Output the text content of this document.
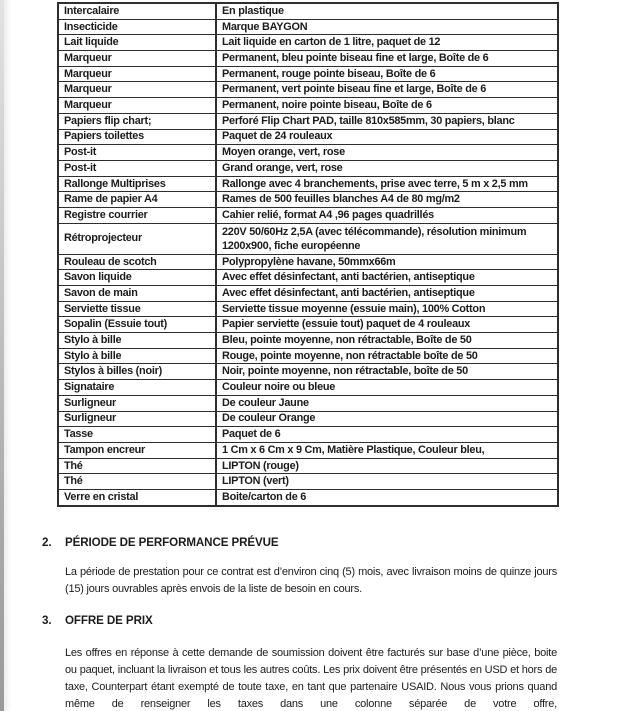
Intercalaire	En plastique
Insecticide	Marque BAYGON
Lait liquide	Lait liquide en carton de 1 litre, paquet de 12
Marqueur	Permanent, bleu pointe biseau fine et large, Boîte de 6
Marqueur	Permanent, rouge pointe biseau, Boîte de 6
Marqueur	Permanent, vert pointe biseau fine et large, Boîte de 6
Marqueur	Permanent, noire pointe biseau, Boîte de 6
Papiers flip chart;	Perforé Flip Chart PAD, taille 810x585mm, 30 papiers, blanc
Papiers toilettes	Paquet de 24 rouleaux
Post-it	Moyen orange, vert, rose
Post-it	Grand orange, vert, rose
Rallonge Multiprises	Rallonge avec 4 branchements, prise avec terre, 5 m x 2,5 mm
Rame de papier A4	Rames de 500 feuilles blanches A4 de 80 mg/m2
Registre courrier	Cahier relié, format A4 ,96 pages quadrillés
Rétroprojecteur	220V 50/60Hz 2,5A (avec télécommande), résolution minimum 1200x900, fiche européenne
Rouleau de scotch	Polypropylène havane, 50mmx66m
Savon liquide	Avec effet désinfectant, anti bactérien, antiseptique
Savon de main	Avec effet désinfectant, anti bactérien, antiseptique
Serviette tissue	Serviette tissue moyenne (essuie main), 100% Cotton
Sopalin (Essuie tout)	Papier serviette (essuie tout) paquet de 4 rouleaux
Stylo à bille	Bleu, pointe moyenne, non rétractable, Boîte de 50
Stylo à bille	Rouge, pointe moyenne, non rétractable boîte de 50
Stylos à billes (noir)	Noir, pointe moyenne, non rétractable, boîte de 50
Signataire	Couleur noire ou bleue
Surligneur	De couleur Jaune
Surligneur	De couleur Orange
Tasse	Paquet de 6
Tampon encreur	1 Cm x 6 Cm x 9 Cm, Matière Plastique, Couleur bleu,
Thé	LIPTON (rouge)
Thé	LIPTON (vert)
Verre en cristal	Boite/carton de 6
2. PÉRIODE DE PERFORMANCE PRÉVUE

La période de prestation pour ce contrat est d’environ cinq (5) mois, avec livraison moins de quinze jours (15) jours ouvrables après envois de la liste de besoin en cours.

3. OFFRE DE PRIX

Les offres en réponse à cette demande de soumission doivent être facturés sur base d’une pièce, boite ou paquet, incluant la livraison et tous les autres coûts. Les prix doivent être présentés en USD et hors de taxe, Counterpart étant exempté de toute taxe, en tant que partenaire USAID. Nous vous prions quand même de renseigner les taxes dans une colonne séparée de votre offre,
